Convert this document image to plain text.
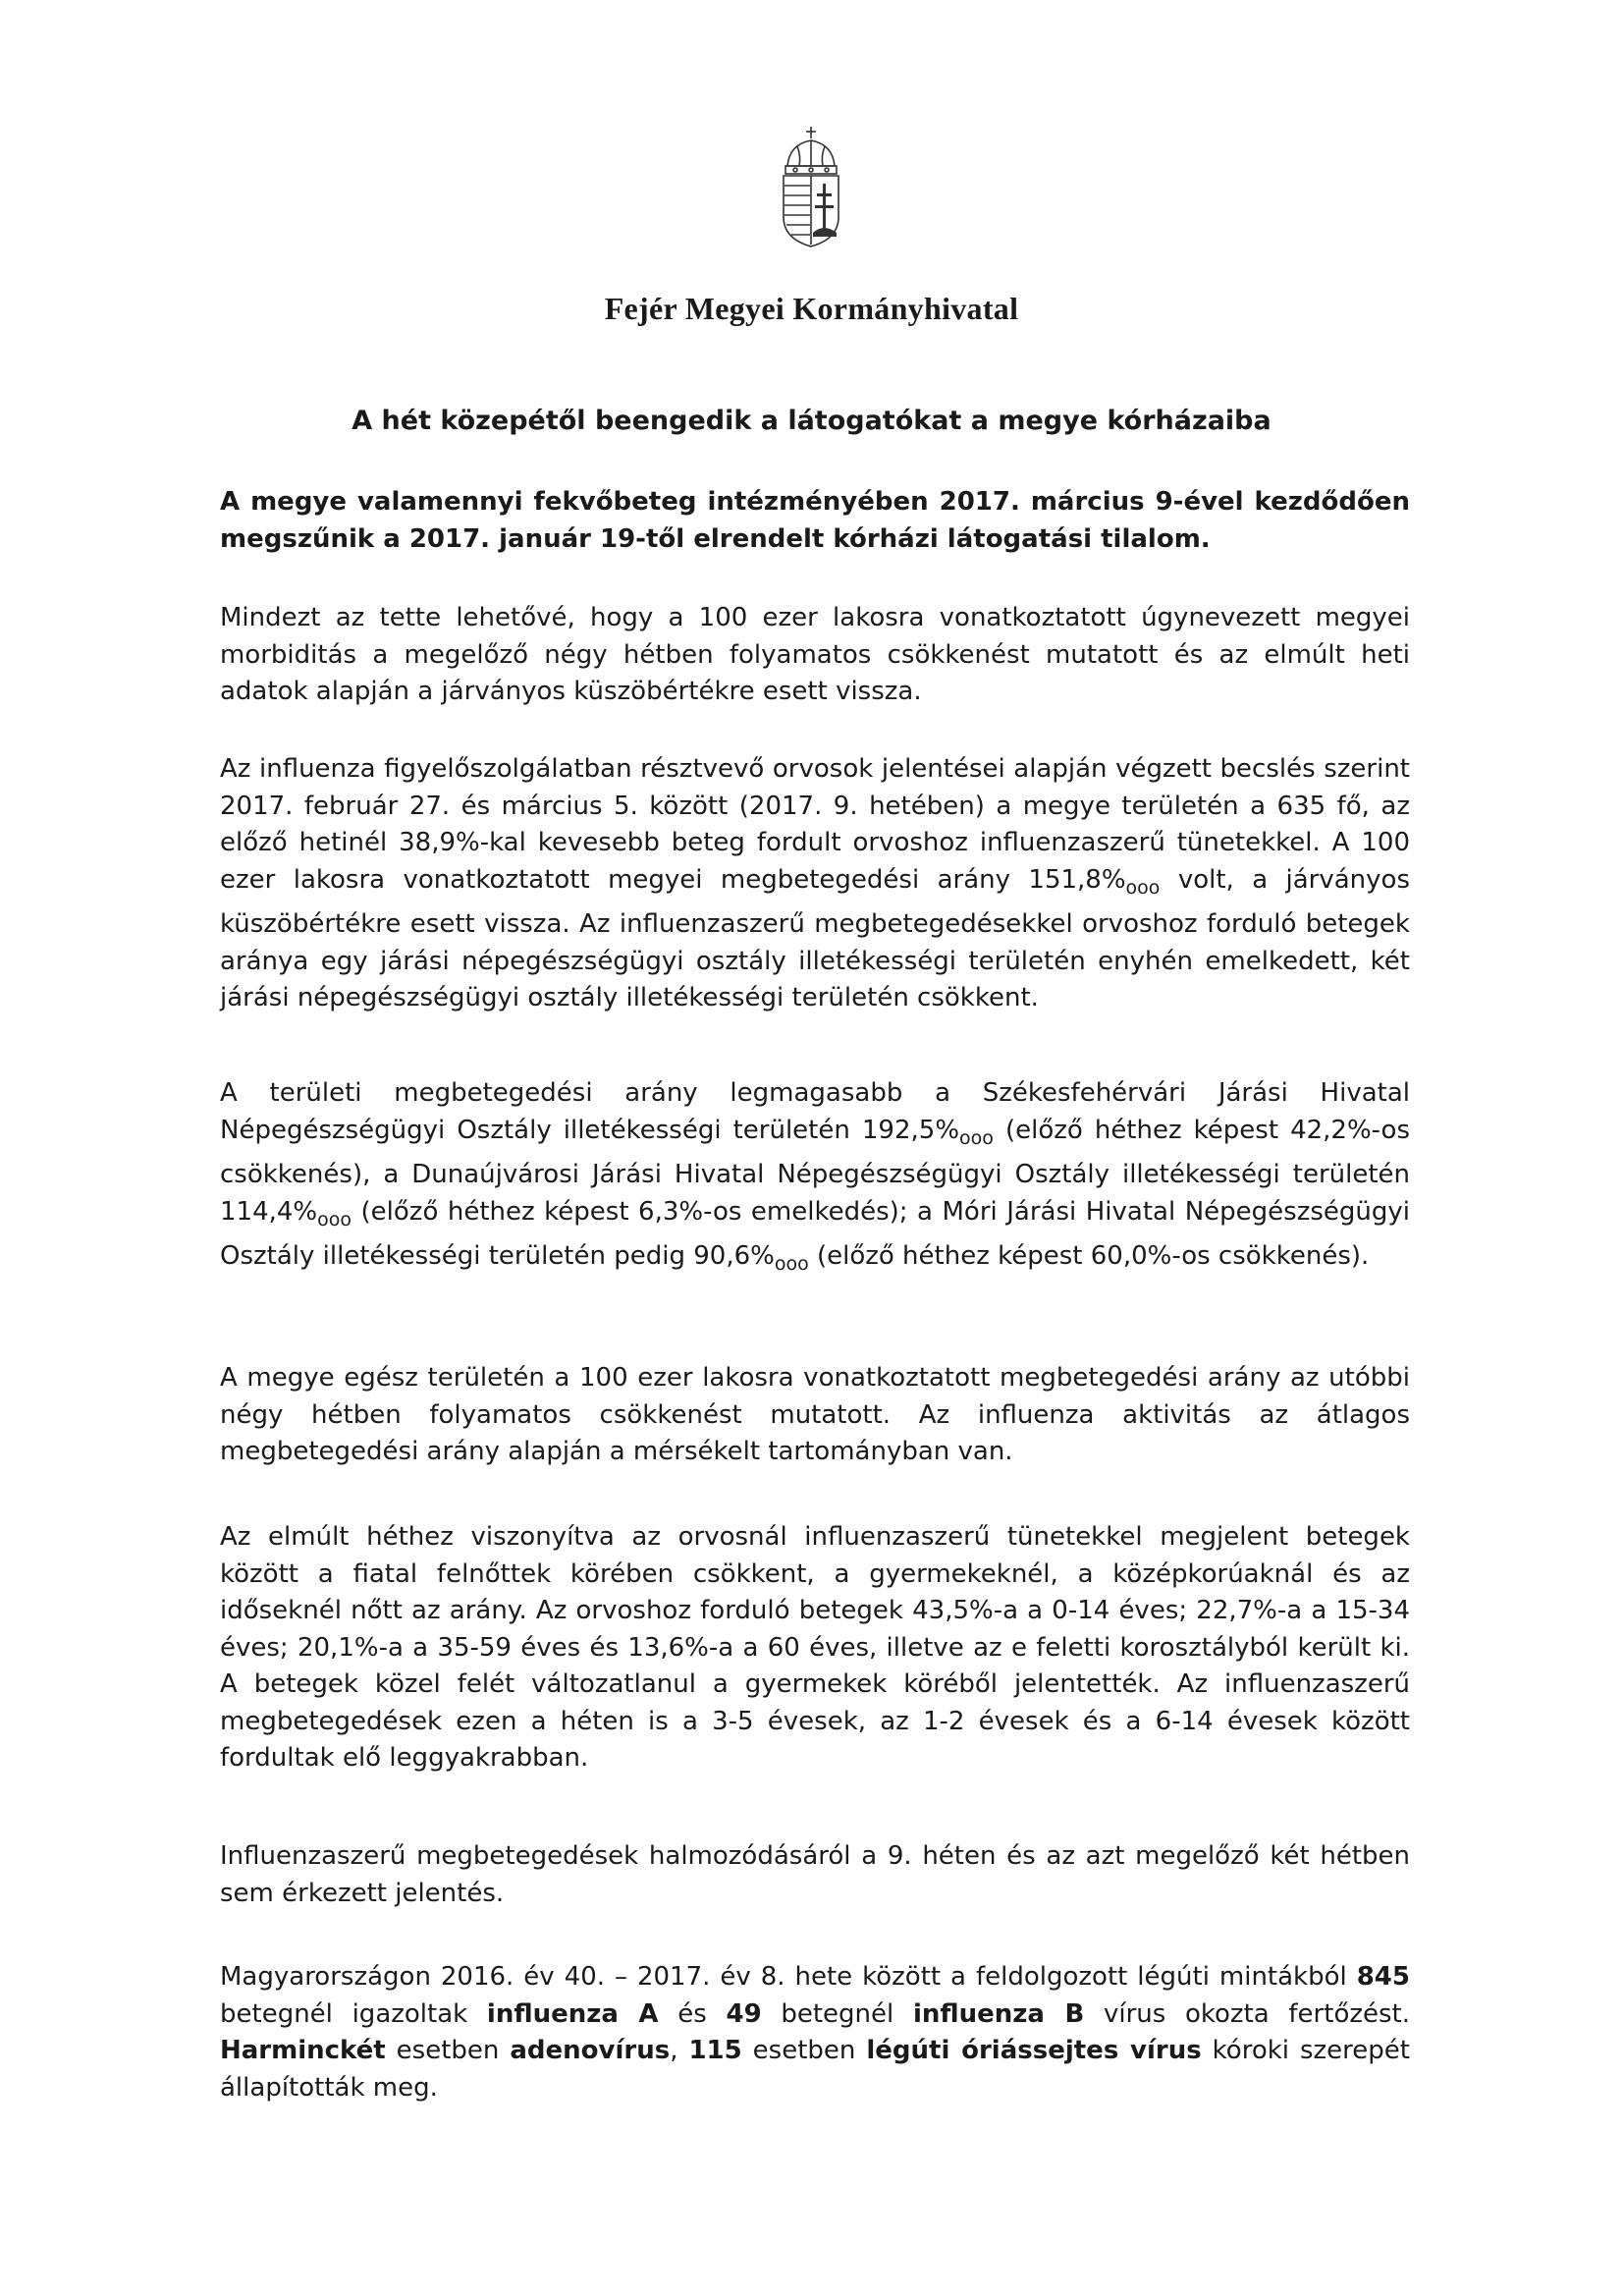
Fejér Megyei Kormányhivatal
A hét közepétől beengedik a látogatókat a megye kórházaiba
A megye valamennyi fekvőbeteg intézményében 2017. március 9-ével kezdődően megszűnik a 2017. január 19-től elrendelt kórházi látogatási tilalom.
Mindezt az tette lehetővé, hogy a 100 ezer lakosra vonatkoztatott úgynevezett megyei morbiditás a megelőző négy hétben folyamatos csökkenést mutatott és az elmúlt heti adatok alapján a járványos küszöbértékre esett vissza.
Az influenza figyelőszolgálatban résztvevő orvosok jelentései alapján végzett becslés szerint 2017. február 27. és március 5. között (2017. 9. hetében) a megye területén a 635 fő, az előző hetinél 38,9%-kal kevesebb beteg fordult orvoshoz influenzaszerű tünetekkel. A 100 ezer lakosra vonatkoztatott megyei megbetegedési arány $151,8\%_{ooo}$ volt, a járványos küszöbértékre esett vissza. Az influenzaszerű megbetegedésekkel orvoshoz forduló betegek aránya egy járási népegészségügyi osztály illetékességi területén enyhén emelkedett, két járási népegészségügyi osztály illetékességi területén csökkent.
A területi megbetegedési arány legmagasabb a Székesfehérvári Járási Hivatal Népegészségügyi Osztály illetékességi területén $192,5\%_{ooo}$ (előző héthez képest 42,2%-os csökkenés), a Dunaújvárosi Járási Hivatal Népegészségügyi Osztály illetékességi területén $114,4\%_{ooo}$ (előző héthez képest 6,3%-os emelkedés); a Móri Járási Hivatal Népegészségügyi Osztály illetékességi területén pedig $90,6\%_{ooo}$ (előző héthez képest 60,0%-os csökkenés).
A megye egész területén a 100 ezer lakosra vonatkoztatott megbetegedési arány az utóbbi négy hétben folyamatos csökkenést mutatott. Az influenza aktivitás az átlagos megbetegedési arány alapján a mérsékelt tartományban van.
Az elmúlt héthez viszonyítva az orvosnál influenzaszerű tünetekkel megjelent betegek között a fiatal felnőttek körében csökkent, a gyermekeknél, a középkorúaknál és az időseknél nőtt az arány. Az orvoshoz forduló betegek 43,5%-a a 0-14 éves; 22,7%-a a 15-34 éves; 20,1%-a a 35-59 éves és 13,6%-a a 60 éves, illetve az e feletti korosztályból került ki. A betegek közel felét változatlanul a gyermekek köréből jelentették. Az influenzaszerű megbetegedések ezen a héten is a 3-5 évesek, az 1-2 évesek és a 6-14 évesek között fordultak elő leggyakrabban.
Influenzaszerű megbetegedések halmozódásáról a 9. héten és az azt megelőző két hétben sem érkezett jelentés.
Magyarországon 2016. év 40. – 2017. év 8. hete között a feldolgozott légúti mintákból 845 betegnél igazoltak influenza A és 49 betegnél influenza B vírus okozta fertőzést. Harminckét esetben adenovírus, 115 esetben légúti óriássejtes vírus kóroki szerepét állapították meg.
